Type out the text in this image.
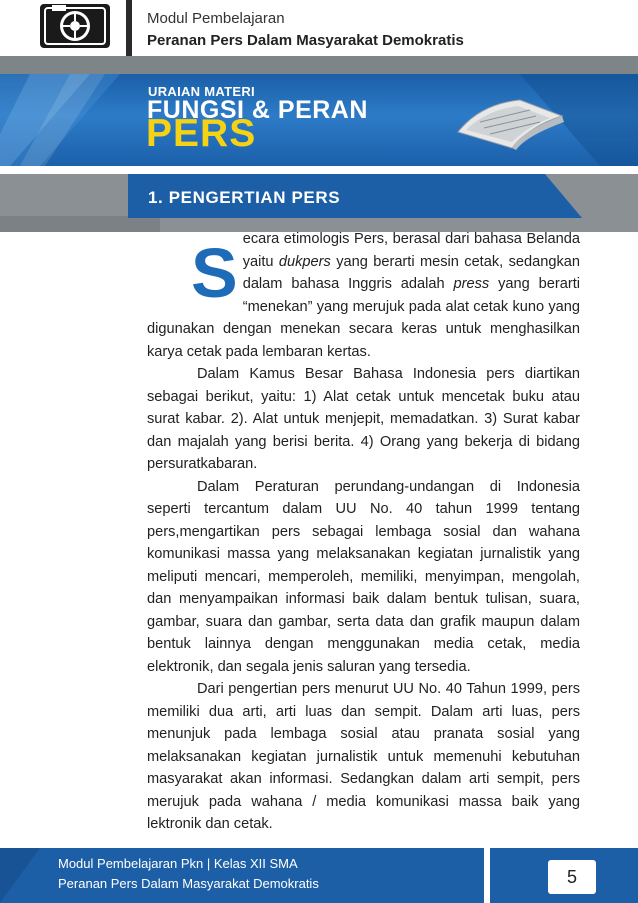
Modul Pembelajaran
Peranan Pers Dalam Masyarakat Demokratis
URAIAN MATERI
FUNGSI & PERAN
PERS
1. PENGERTIAN PERS

Secara etimologis Pers, berasal dari bahasa Belanda yaitu dukpers yang berarti mesin cetak, sedangkan dalam bahasa Inggris adalah press yang berarti “menekan” yang merujuk pada alat cetak kuno yang digunakan dengan menekan secara keras untuk menghasilkan karya cetak pada lembaran kertas.

Dalam Kamus Besar Bahasa Indonesia pers diartikan sebagai berikut, yaitu: 1) Alat cetak untuk mencetak buku atau surat kabar. 2). Alat untuk menjepit, memadatkan. 3) Surat kabar dan majalah yang berisi berita. 4) Orang yang bekerja di bidang persuratkabaran.

Dalam Peraturan perundang-undangan di Indonesia seperti tercantum dalam UU No. 40 tahun 1999 tentang pers,mengartikan pers sebagai lembaga sosial dan wahana komunikasi massa yang melaksanakan kegiatan jurnalistik yang meliputi mencari, memperoleh, memiliki, menyimpan, mengolah, dan menyampaikan informasi baik dalam bentuk tulisan, suara, gambar, suara dan gambar, serta data dan grafik maupun dalam bentuk lainnya dengan menggunakan media cetak, media elektronik, dan segala jenis saluran yang tersedia.

Dari pengertian pers menurut UU No. 40 Tahun 1999, pers memiliki dua arti, arti luas dan sempit. Dalam arti luas, pers menunjuk pada lembaga sosial atau pranata sosial yang melaksanakan kegiatan jurnalistik untuk memenuhi kebutuhan masyarakat akan informasi. Sedangkan dalam arti sempit, pers merujuk pada wahana / media komunikasi massa baik yang lektronik dan cetak.

Modul Pembelajaran Pkn | Kelas XII SMA
Peranan Pers Dalam Masyarakat Demokratis	5
